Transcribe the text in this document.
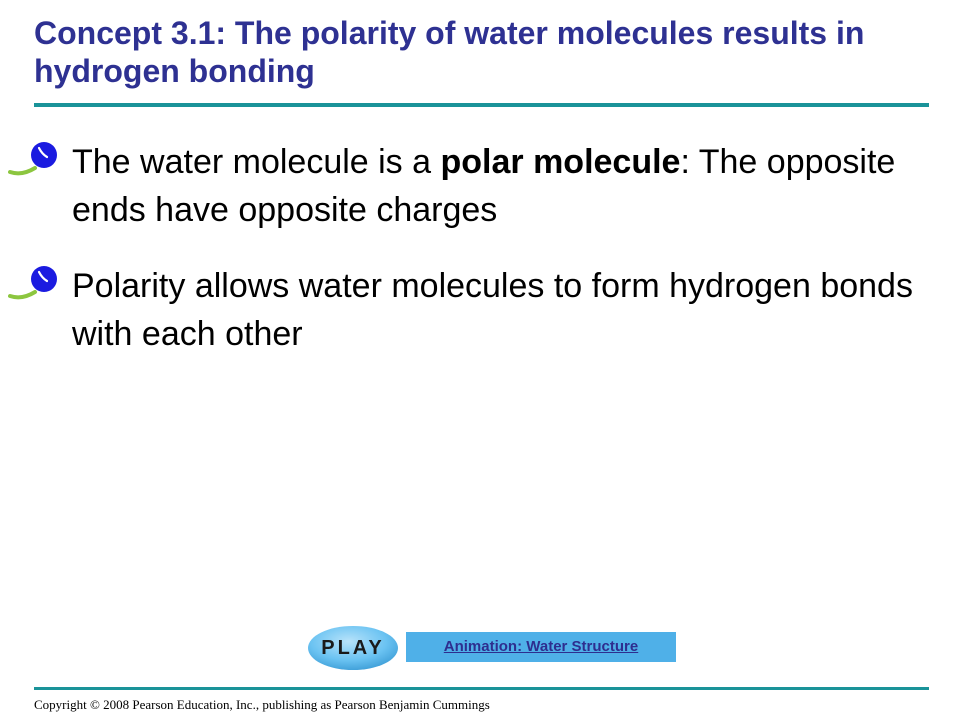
Concept 3.1: The polarity of water molecules results in hydrogen bonding
The water molecule is a polar molecule: The opposite ends have opposite charges
Polarity allows water molecules to form hydrogen bonds with each other
PLAY	Animation: Water Structure
Copyright © 2008 Pearson Education, Inc., publishing as Pearson Benjamin Cummings
